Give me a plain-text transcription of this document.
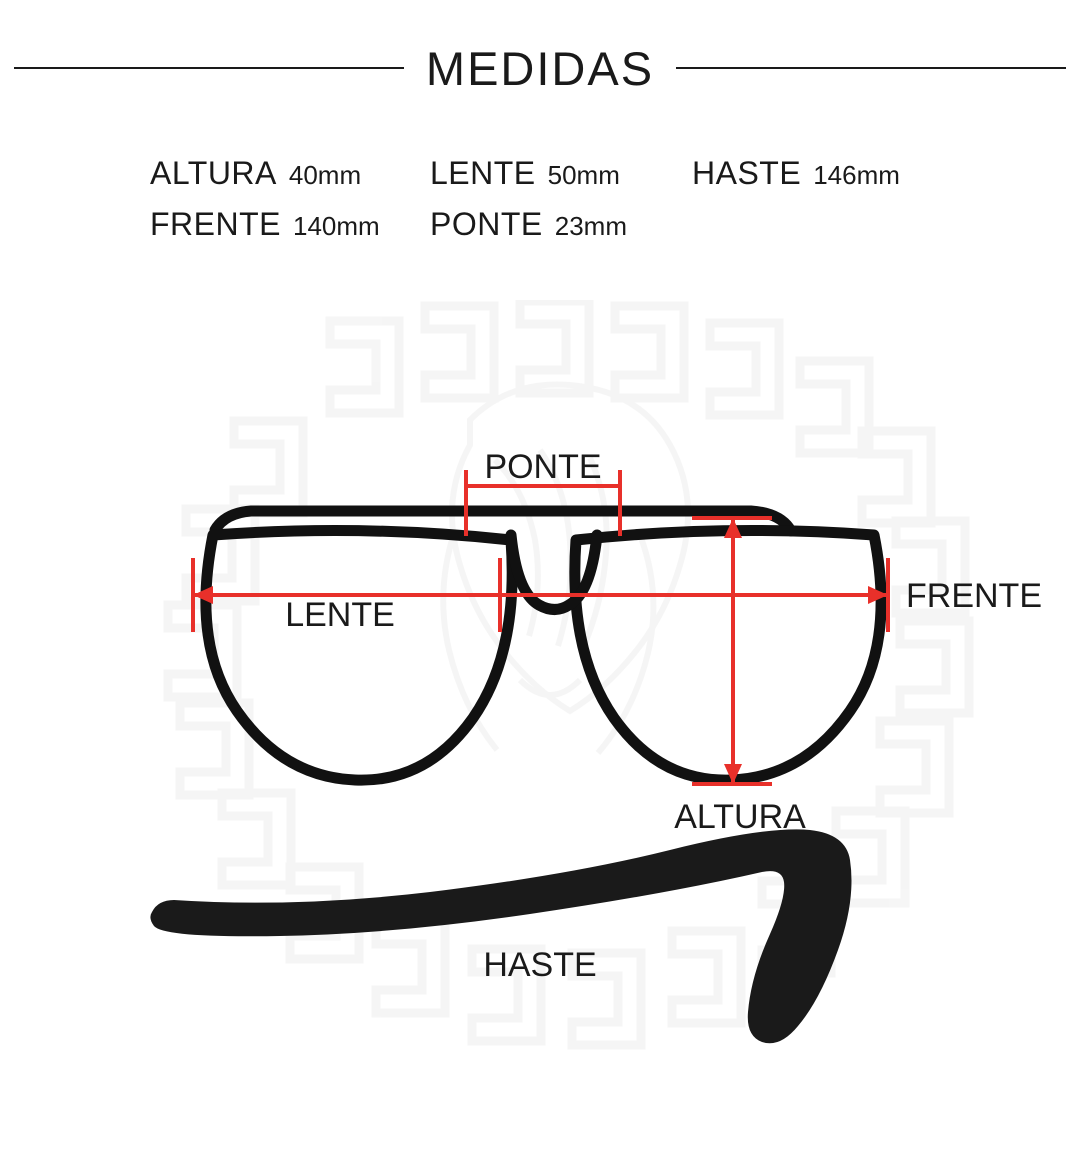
MEDIDAS
ALTURA 40mm LENTE 50mm HASTE 146mm
FRENTE 140mm PONTE 23mm
PONTE
LENTE	FRENTE
ALTURA
HASTE
